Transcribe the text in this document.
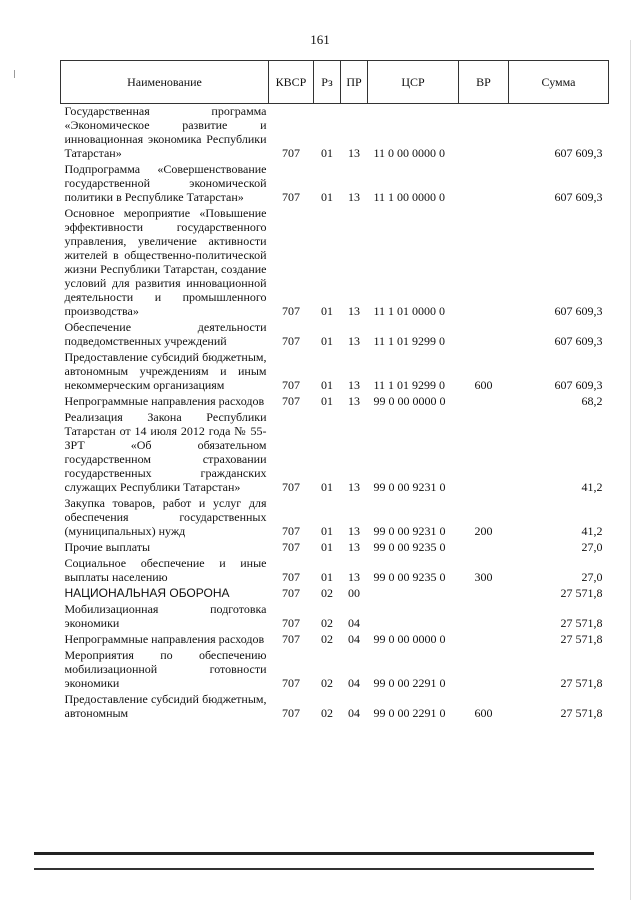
161
Наименование	КВСР	Рз	ПР	ЦСР	ВР	Сумма
Государственная программа «Экономическое развитие и инновационная экономика Республики Татарстан»	707	01	13	11 0 00 0000 0		607 609,3
Подпрограмма «Совершенствование государственной экономической политики в Республике Татарстан»	707	01	13	11 1 00 0000 0		607 609,3
Основное мероприятие «Повышение эффективности государственного управления, увеличение активности жителей в общественно-политической жизни Республики Татарстан, создание условий для развития инновационной деятельности и промышленного производства»	707	01	13	11 1 01 0000 0		607 609,3
Обеспечение деятельности подведомственных учреждений	707	01	13	11 1 01 9299 0		607 609,3
Предоставление субсидий бюджетным, автономным учреждениям и иным некоммерческим организациям	707	01	13	11 1 01 9299 0	600	607 609,3
Непрограммные направления расходов	707	01	13	99 0 00 0000 0		68,2
Реализация Закона Республики Татарстан от 14 июля 2012 года № 55-ЗРТ «Об обязательном государственном страховании государственных гражданских служащих Республики Татарстан»	707	01	13	99 0 00 9231 0		41,2
Закупка товаров, работ и услуг для обеспечения государственных (муниципальных) нужд	707	01	13	99 0 00 9231 0	200	41,2
Прочие выплаты	707	01	13	99 0 00 9235 0		27,0
Социальное обеспечение и иные выплаты населению	707	01	13	99 0 00 9235 0	300	27,0
НАЦИОНАЛЬНАЯ ОБОРОНА	707	02	00			27 571,8
Мобилизационная подготовка экономики	707	02	04			27 571,8
Непрограммные направления расходов	707	02	04	99 0 00 0000 0		27 571,8
Мероприятия по обеспечению мобилизационной готовности экономики	707	02	04	99 0 00 2291 0		27 571,8
Предоставление субсидий бюджетным, автономным	707	02	04	99 0 00 2291 0	600	27 571,8
